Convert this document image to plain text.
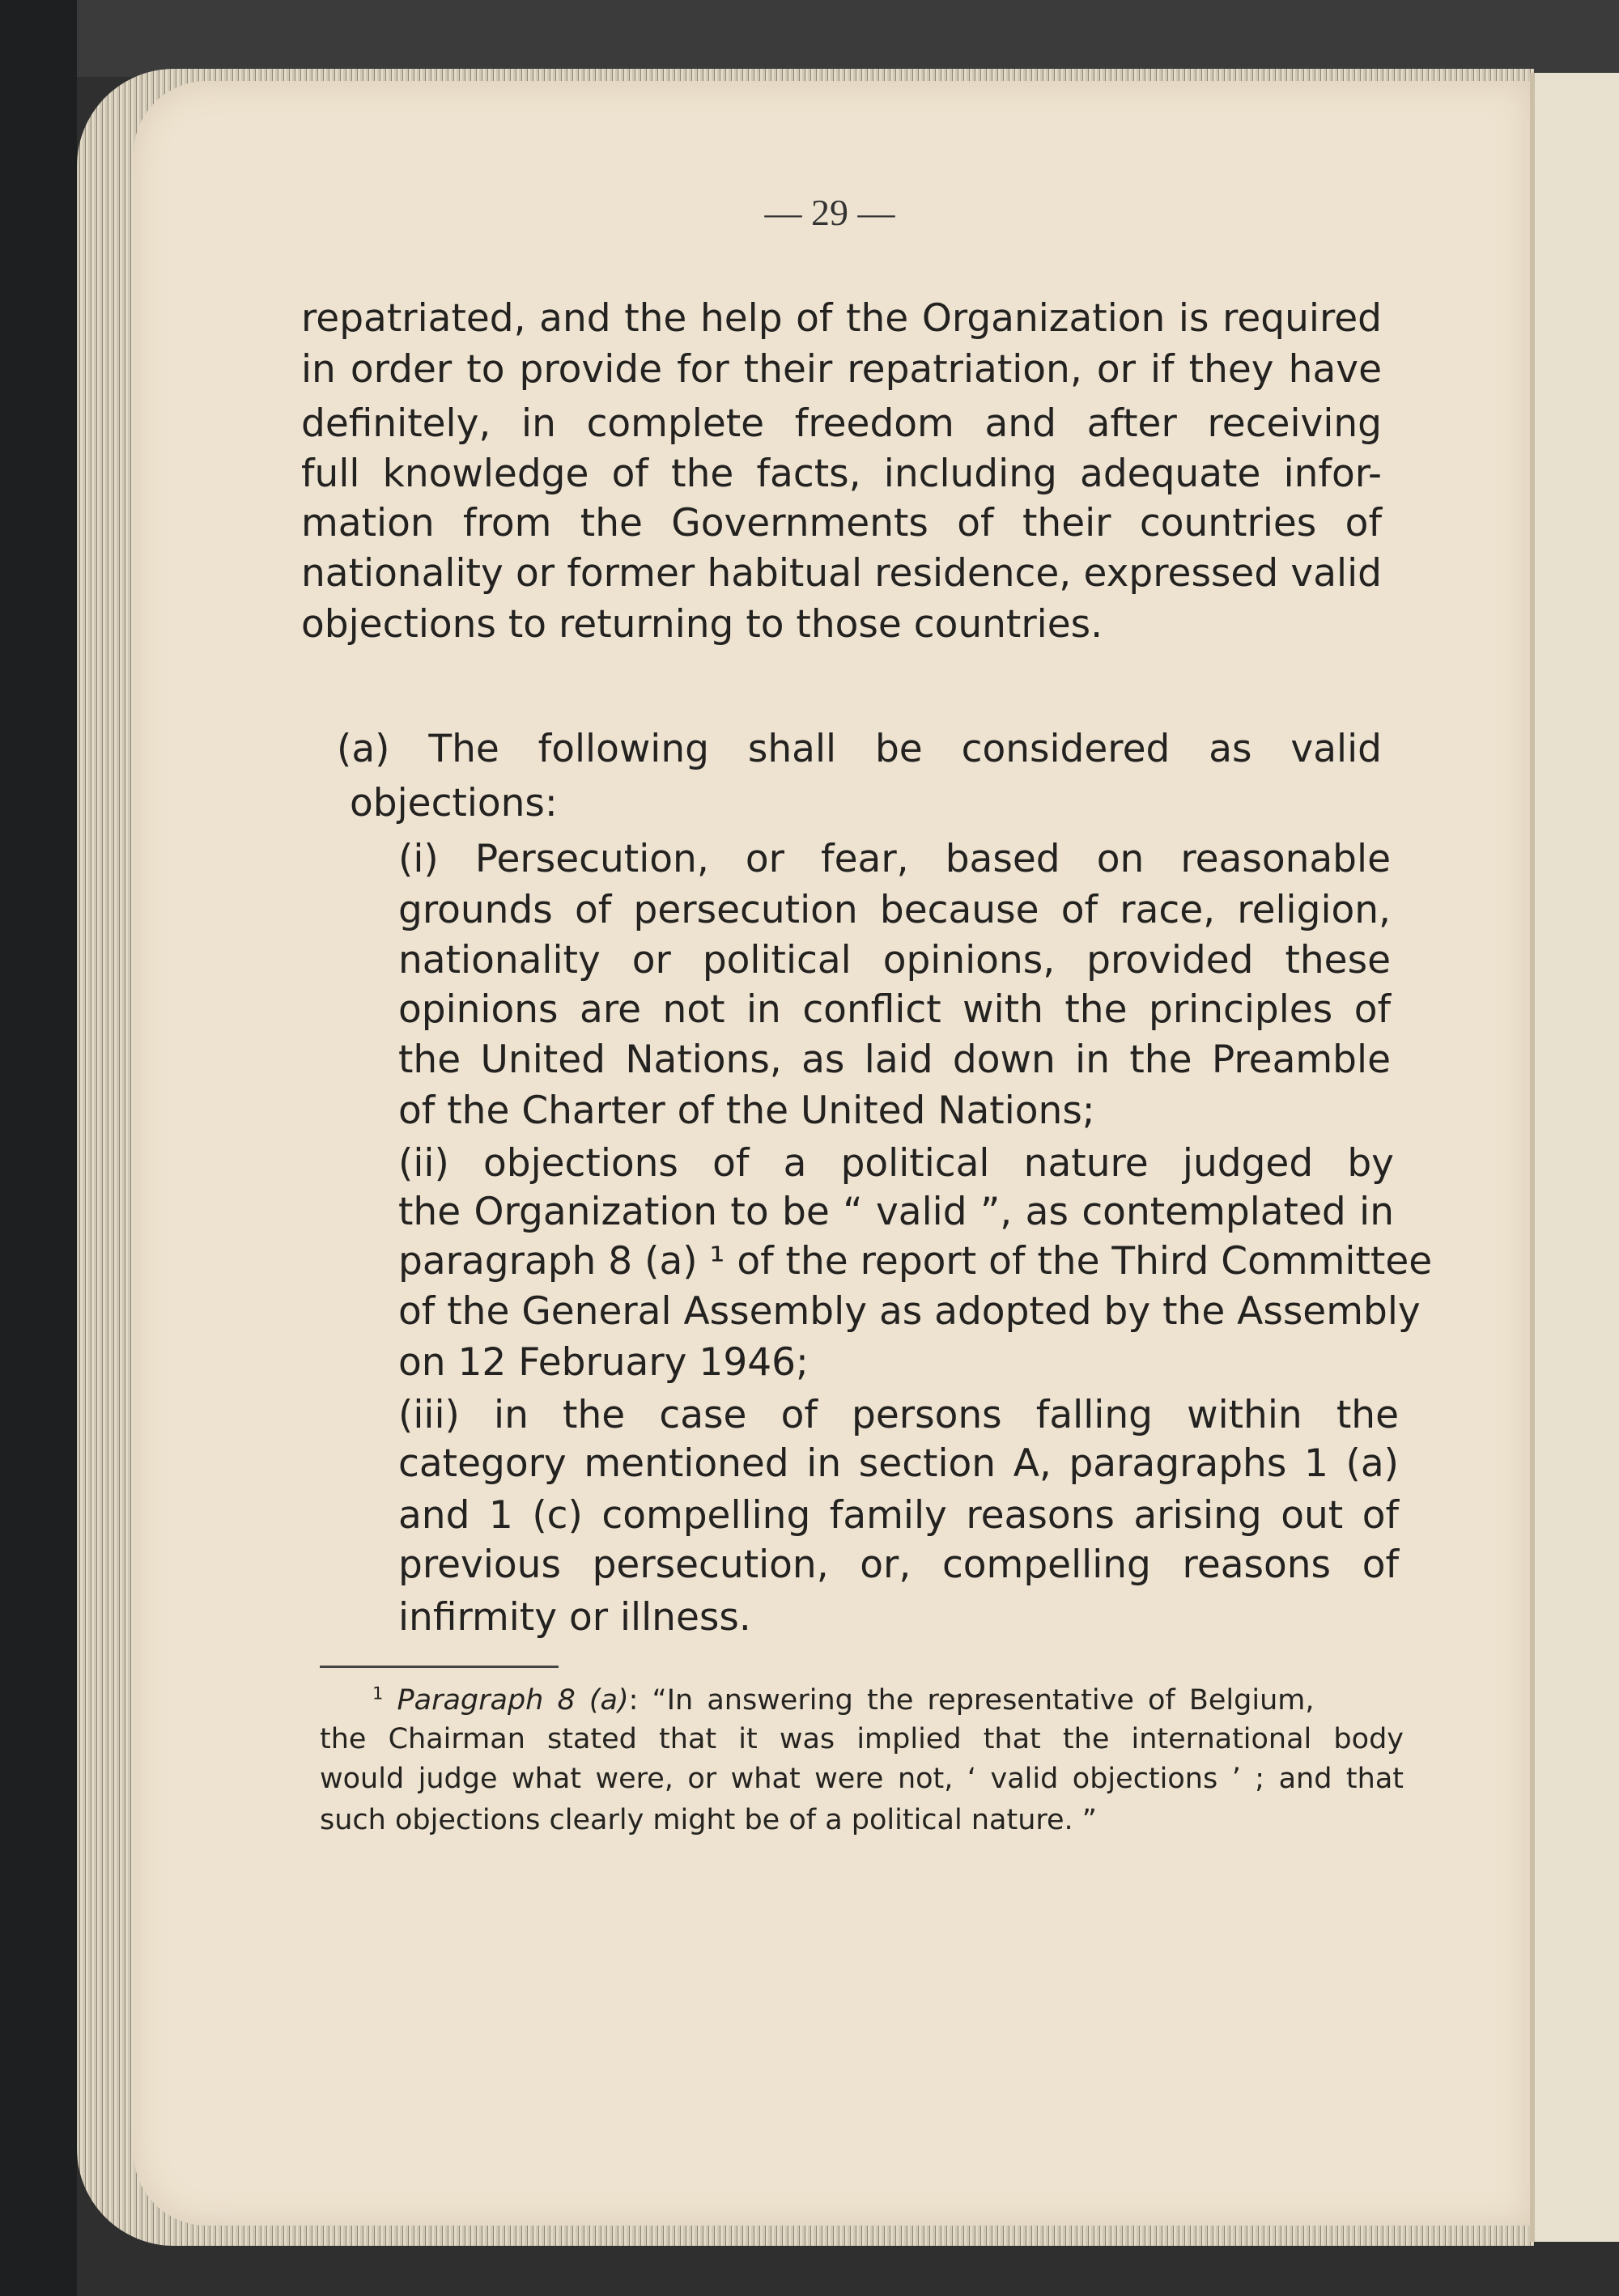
— 29 —
repatriated, and the help of the Organization is required
in order to provide for their repatriation, or if they have
definitely, in complete freedom and after receiving
full knowledge of the facts, including adequate infor-
mation from the Governments of their countries of
nationality or former habitual residence, expressed valid
objections to returning to those countries.
(a) The following shall be considered as valid
objections:
(i) Persecution, or fear, based on reasonable
grounds of persecution because of race, religion,
nationality or political opinions, provided these
opinions are not in conflict with the principles of
the United Nations, as laid down in the Preamble
of the Charter of the United Nations;
(ii) objections of a political nature judged by
the Organization to be “ valid ”, as contemplated in
paragraph 8 (a) ¹ of the report of the Third Committee
of the General Assembly as adopted by the Assembly
on 12 February 1946;
(iii) in the case of persons falling within the
category mentioned in section A, paragraphs 1 (a)
and 1 (c) compelling family reasons arising out of
previous persecution, or, compelling reasons of
infirmity or illness.
$^1$ Paragraph 8 (a): “In answering the representative of Belgium,
the Chairman stated that it was implied that the international body
would judge what were, or what were not, ‘ valid objections ’ ; and that
such objections clearly might be of a political nature. ”
